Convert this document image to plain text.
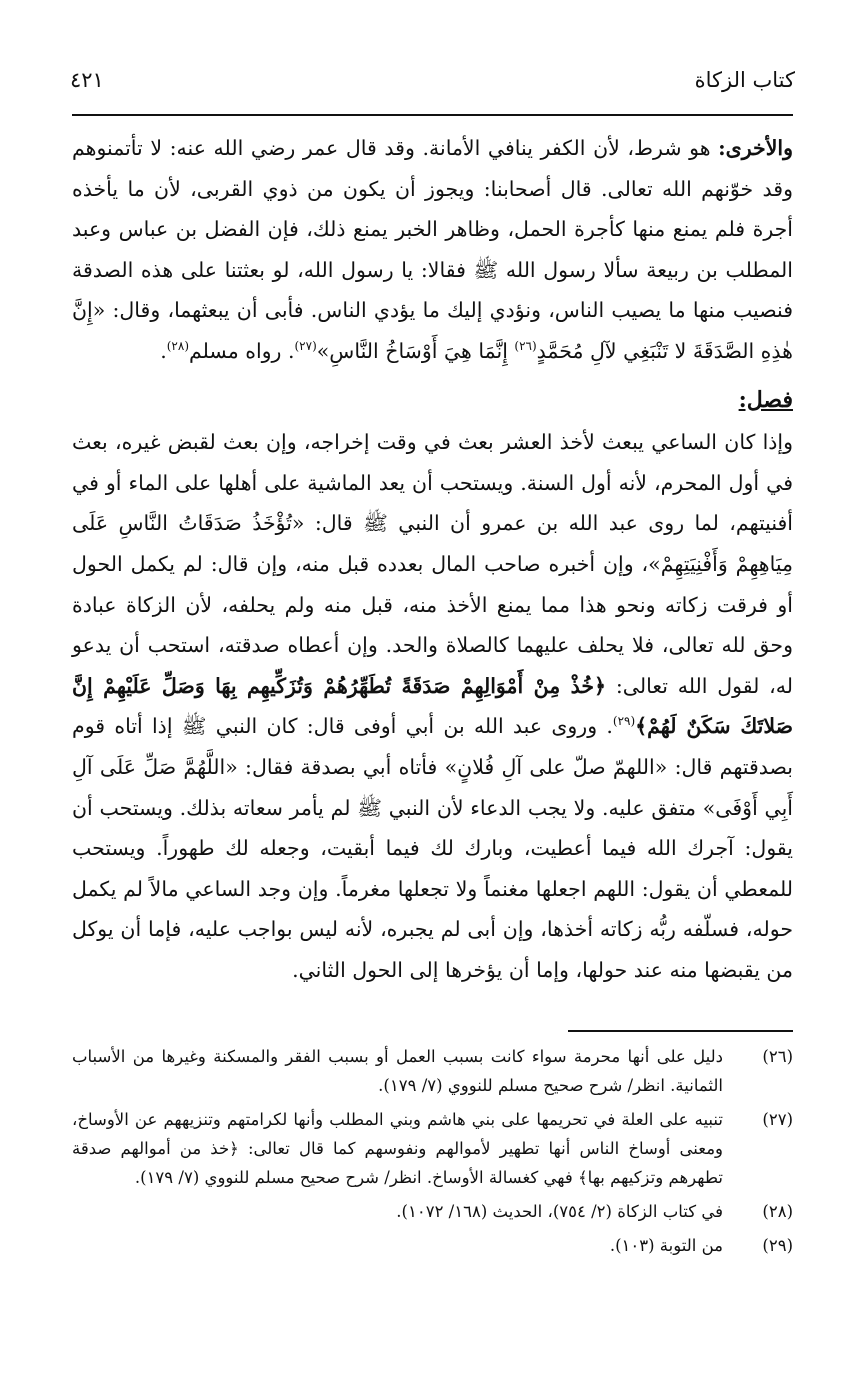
٤٢١	كتاب الزكاة

والأخرى: هو شرط، لأن الكفر ينافي الأمانة. وقد قال عمر رضي الله عنه: لا تأتمنوهم وقد خوّنهم الله تعالى. قال أصحابنا: ويجوز أن يكون من ذوي القربى، لأن ما يأخذه أجرة فلم يمنع منها كأجرة الحمل، وظاهر الخبر يمنع ذلك، فإن الفضل بن عباس وعبد المطلب بن ربيعة سألا رسول الله ﷺ فقالا: يا رسول الله، لو بعثتنا على هذه الصدقة فنصيب منها ما يصيب الناس، ونؤدي إليك ما يؤدي الناس. فأبى أن يبعثهما، وقال: «إِنَّ هٰذِهِ الصَّدَقَةَ لا تَنْبَغِي لآلِ مُحَمَّدٍ$^{(٢٦)}$ إِنَّمَا هِيَ أَوْسَاخُ النَّاسِ»$^{(٢٧)}$. رواه مسلم$^{(٢٨)}$.

فصل:

وإذا كان الساعي يبعث لأخذ العشر بعث في وقت إخراجه، وإن بعث لقبض غيره، بعث في أول المحرم، لأنه أول السنة. ويستحب أن يعد الماشية على أهلها على الماء أو في أفنيتهم، لما روى عبد الله بن عمرو أن النبي ﷺ قال: «تُؤْخَذُ صَدَقَاتُ النَّاسِ عَلَى مِيَاهِهِمْ وَأَفْنِيَتِهِمْ»، وإن أخبره صاحب المال بعدده قبل منه، وإن قال: لم يكمل الحول أو فرقت زكاته ونحو هذا مما يمنع الأخذ منه، قبل منه ولم يحلفه، لأن الزكاة عبادة وحق لله تعالى، فلا يحلف عليهما كالصلاة والحد. وإن أعطاه صدقته، استحب أن يدعو له، لقول الله تعالى: ﴿خُذْ مِنْ أَمْوَالِهِمْ صَدَقَةً تُطَهِّرُهُمْ وَتُزَكِّيهِم بِهَا وَصَلِّ عَلَيْهِمْ إِنَّ صَلاتَكَ سَكَنٌ لَهُمْ﴾$^{(٢٩)}$. وروى عبد الله بن أبي أوفى قال: كان النبي ﷺ إذا أتاه قوم بصدقتهم قال: «اللهمّ صلّ على آلِ فُلانٍ» فأتاه أبي بصدقة فقال: «اللَّهُمَّ صَلِّ عَلَى آلِ أَبِي أَوْفَى» متفق عليه. ولا يجب الدعاء لأن النبي ﷺ لم يأمر سعاته بذلك. ويستحب أن يقول: آجرك الله فيما أعطيت، وبارك لك فيما أبقيت، وجعله لك طهوراً. ويستحب للمعطي أن يقول: اللهم اجعلها مغنماً ولا تجعلها مغرماً. وإن وجد الساعي مالاً لم يكمل حوله، فسلّفه ربُّه زكاته أخذها، وإن أبى لم يجبره، لأنه ليس بواجب عليه، فإما أن يوكل من يقبضها منه عند حولها، وإما أن يؤخرها إلى الحول الثاني.

(٢٦)
دليل على أنها محرمة سواء كانت بسبب العمل أو بسبب الفقر والمسكنة وغيرها من الأسباب الثمانية. انظر/ شرح صحيح مسلم للنووي (٧/ ١٧٩).
(٢٧)
تنبيه على العلة في تحريمها على بني هاشم وبني المطلب وأنها لكرامتهم وتنزيههم عن الأوساخ، ومعنى أوساخ الناس أنها تطهير لأموالهم ونفوسهم كما قال تعالى: ﴿خذ من أموالهم صدقة تطهرهم وتزكيهم بها﴾ فهي كغسالة الأوساخ. انظر/ شرح صحيح مسلم للنووي (٧/ ١٧٩).
(٢٨)
في كتاب الزكاة (٢/ ٧٥٤)، الحديث (١٦٨/ ١٠٧٢).
(٢٩)
من التوبة (١٠٣).
